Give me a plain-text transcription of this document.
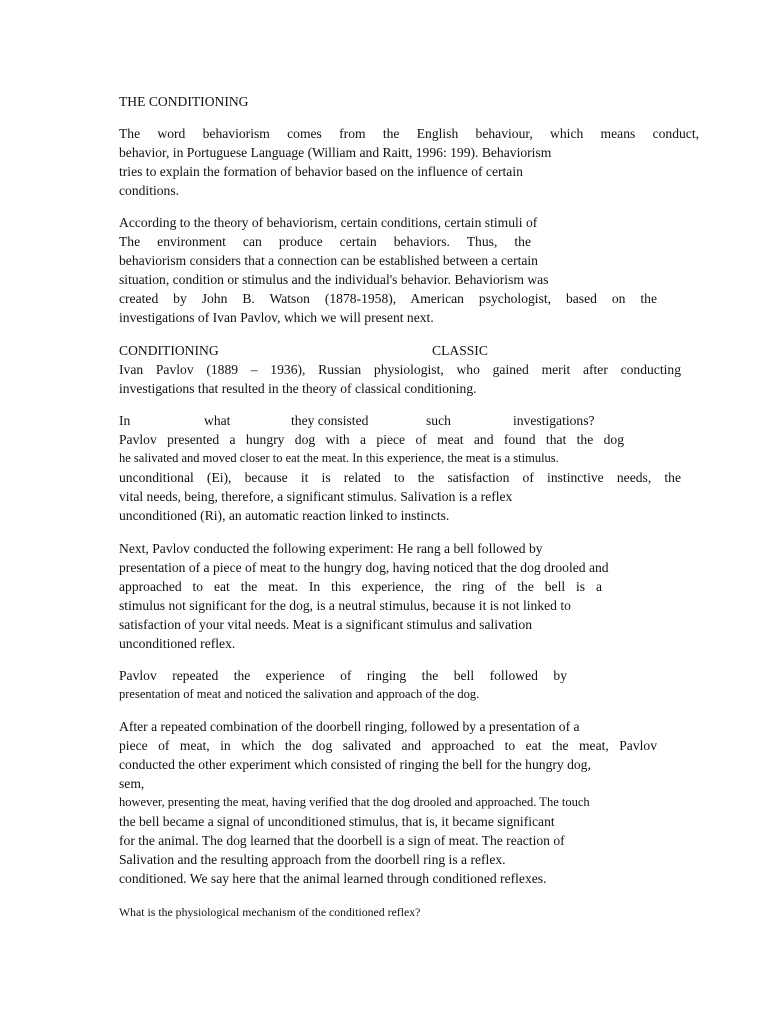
THE CONDITIONING
The word behaviorism comes from the English behaviour, which means conduct,
behavior, in Portuguese Language (William and Raitt, 1996: 199). Behaviorism
tries to explain the formation of behavior based on the influence of certain
conditions.
According to the theory of behaviorism, certain conditions, certain stimuli of
The environment can produce certain behaviors. Thus, the
behaviorism considers that a connection can be established between a certain
situation, condition or stimulus and the individual's behavior. Behaviorism was
created by John B. Watson (1878-1958), American psychologist, based on the
investigations of Ivan Pavlov, which we will present next.
CONDITIONING	CLASSIC
Ivan Pavlov (1889 – 1936), Russian physiologist, who gained merit after conducting
investigations that resulted in the theory of classical conditioning.
In	what	they consisted	such	investigations?
Pavlov presented a hungry dog with a piece of meat and found that the dog
he salivated and moved closer to eat the meat. In this experience, the meat is a stimulus.
unconditional (Ei), because it is related to the satisfaction of instinctive needs, the
vital needs, being, therefore, a significant stimulus. Salivation is a reflex
unconditioned (Ri), an automatic reaction linked to instincts.
Next, Pavlov conducted the following experiment: He rang a bell followed by
presentation of a piece of meat to the hungry dog, having noticed that the dog drooled and
approached to eat the meat. In this experience, the ring of the bell is a
stimulus not significant for the dog, is a neutral stimulus, because it is not linked to
satisfaction of your vital needs. Meat is a significant stimulus and salivation
unconditioned reflex.
Pavlov repeated the experience of ringing the bell followed by
presentation of meat and noticed the salivation and approach of the dog.
After a repeated combination of the doorbell ringing, followed by a presentation of a
piece of meat, in which the dog salivated and approached to eat the meat, Pavlov
conducted the other experiment which consisted of ringing the bell for the hungry dog,
sem,
however, presenting the meat, having verified that the dog drooled and approached. The touch
the bell became a signal of unconditioned stimulus, that is, it became significant
for the animal. The dog learned that the doorbell is a sign of meat. The reaction of
Salivation and the resulting approach from the doorbell ring is a reflex.
conditioned. We say here that the animal learned through conditioned reflexes.
What is the physiological mechanism of the conditioned reflex?
